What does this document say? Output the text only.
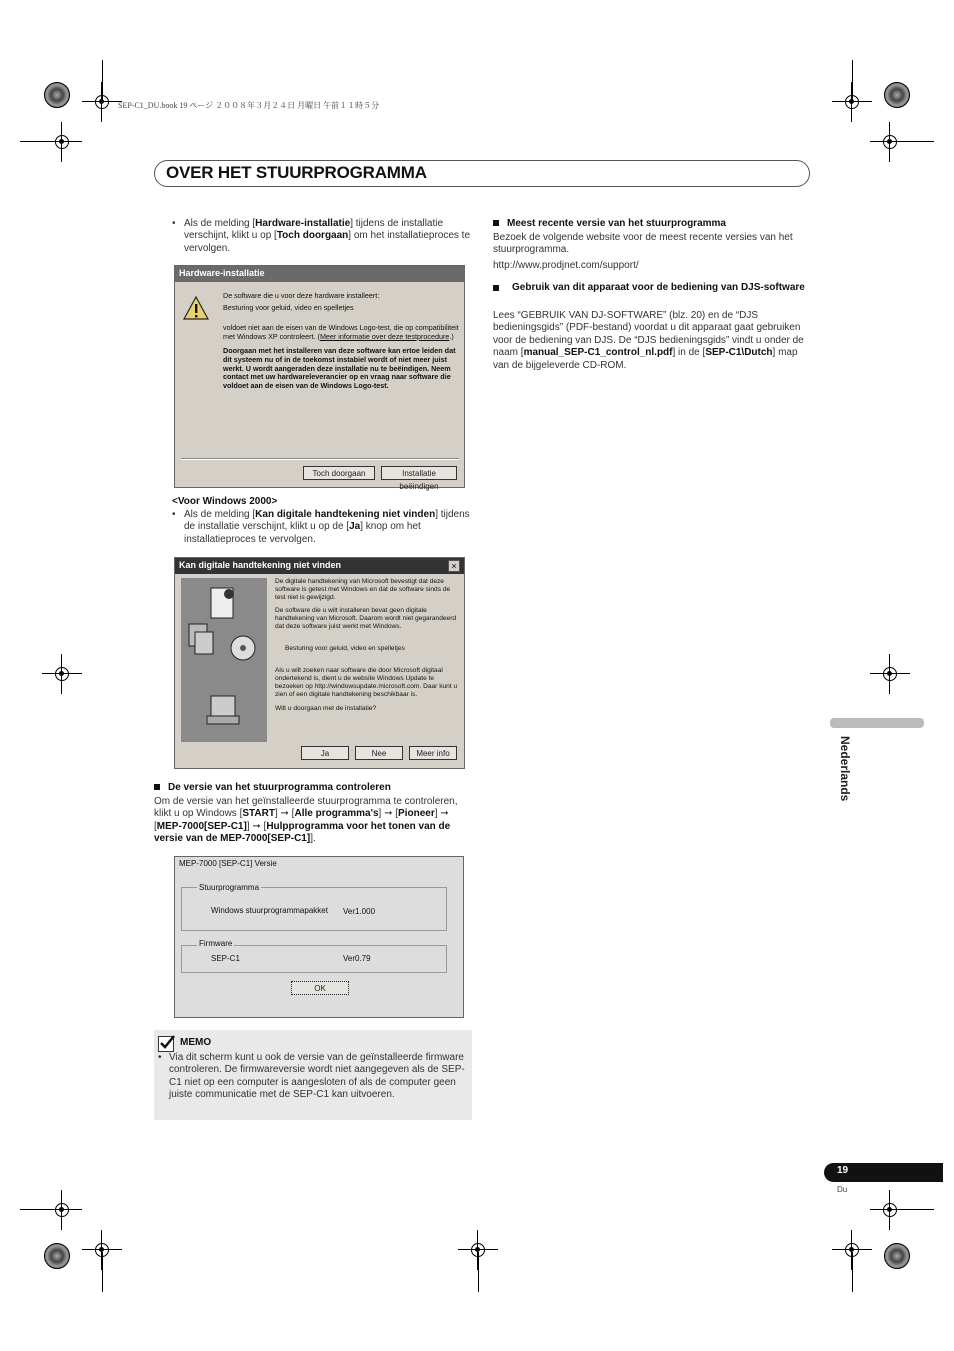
SEP-C1_DU.book 19 ページ ２００８年３月２４日 月曜日 午前１１時５分
OVER HET STUURPROGRAMMA
• Als de melding [Hardware-installatie] tijdens de installatie verschijnt, klikt u op [Toch doorgaan] om het installatieproces te vervolgen.
Hardware-installatie
De software die u voor deze hardware installeert:
Besturing voor geluid, video en spelletjes
voldoet niet aan de eisen van de Windows Logo-test, die op compatibiliteit met Windows XP controleert. (Meer informatie over deze testprocedure.)
Doorgaan met het installeren van deze software kan ertoe leiden dat dit systeem nu of in de toekomst instabiel wordt of niet meer juist werkt. U wordt aangeraden deze installatie nu te beëindigen. Neem contact met uw hardwareleverancier op en vraag naar software die voldoet aan de eisen van de Windows Logo-test.
Toch doorgaan	Installatie beëindigen
<Voor Windows 2000>
• Als de melding [Kan digitale handtekening niet vinden] tijdens de installatie verschijnt, klikt u op de [Ja] knop om het installatieproces te vervolgen.
Kan digitale handtekening niet vinden	×
De digitale handtekening van Microsoft bevestigt dat deze software is getest met Windows en dat de software sinds de test niet is gewijzigd.
De software die u wilt installeren bevat geen digitale handtekening van Microsoft. Daarom wordt niet gegarandeerd dat deze software juist werkt met Windows.
Besturing voor geluid, video en spelletjes
Als u wilt zoeken naar software die door Microsoft digitaal ondertekend is, dient u de website Windows Update te bezoeken op http://windowsupdate.microsoft.com. Daar kunt u zien of een digitale handtekening beschikbaar is.
Wilt u doorgaan met de installatie?
Ja	Nee	Meer info
De versie van het stuurprogramma controleren
Om de versie van het geïnstalleerde stuurprogramma te controleren, klikt u op Windows [START] ➞ [Alle programma's] ➞ [Pioneer] ➞ [MEP-7000[SEP-C1]] ➞ [Hulpprogramma voor het tonen van de versie van de MEP-7000[SEP-C1]].
MEP-7000 [SEP-C1] Versie
Stuurprogramma
Windows stuurprogrammapakket Ver1.000
Firmware
SEP-C1	Ver0.79
OK
MEMO
• Via dit scherm kunt u ook de versie van de geïnstalleerde firmware controleren. De firmwareversie wordt niet aangegeven als de SEP-C1 niet op een computer is aangesloten of als de computer geen juiste communicatie met de SEP-C1 kan uitvoeren.
Meest recente versie van het stuurprogramma
Bezoek de volgende website voor de meest recente versies van het stuurprogramma.
http://www.prodjnet.com/support/
Gebruik van dit apparaat voor de bediening van DJS-software
Lees “GEBRUIK VAN DJ-SOFTWARE” (blz. 20) en de “DJS bedieningsgids” (PDF-bestand) voordat u dit apparaat gaat gebruiken voor de bediening van DJS. De “DJS bedieningsgids” vindt u onder de naam [manual_SEP-C1_control_nl.pdf] in de [SEP-C1\Dutch] map van de bijgeleverde CD-ROM.
Nederlands
19
Du
